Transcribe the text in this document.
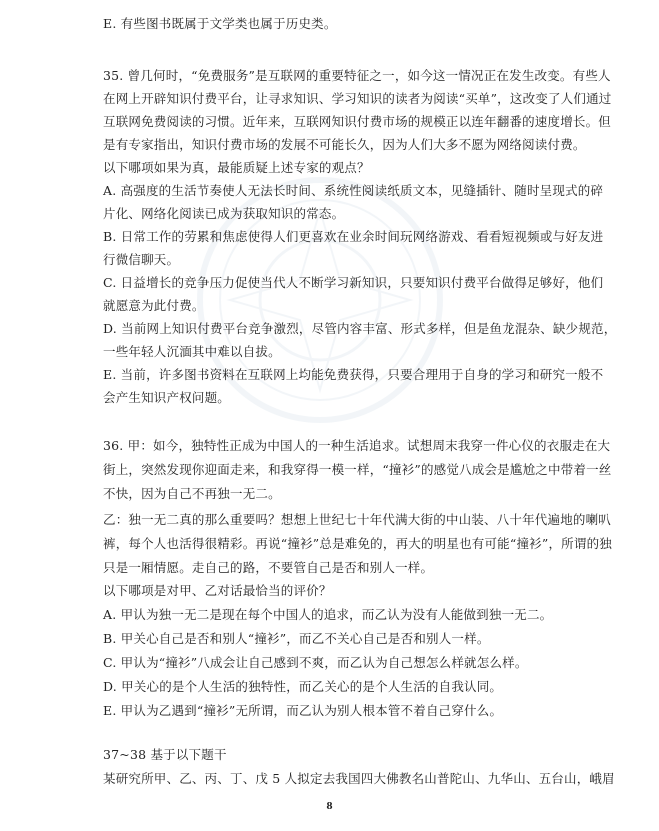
E. 有些图书既属于文学类也属于历史类。
35. 曾几何时，“免费服务”是互联网的重要特征之一，如今这一情况正在发生改变。有些人
在网上开辟知识付费平台，让寻求知识、学习知识的读者为阅读“买单”，这改变了人们通过
互联网免费阅读的习惯。近年来，互联网知识付费市场的规模正以连年翻番的速度增长。但
是有专家指出，知识付费市场的发展不可能长久，因为人们大多不愿为网络阅读付费。
以下哪项如果为真，最能质疑上述专家的观点？
A. 高强度的生活节奏使人无法长时间、系统性阅读纸质文本，见缝插针、随时呈现式的碎
片化、网络化阅读已成为获取知识的常态。
B. 日常工作的劳累和焦虑使得人们更喜欢在业余时间玩网络游戏、看看短视频或与好友进
行微信聊天。
C. 日益增长的竞争压力促使当代人不断学习新知识，只要知识付费平台做得足够好，他们
就愿意为此付费。
D. 当前网上知识付费平台竞争激烈，尽管内容丰富、形式多样，但是鱼龙混杂、缺少规范，
一些年轻人沉湎其中难以自拔。
E. 当前，许多图书资料在互联网上均能免费获得，只要合理用于自身的学习和研究一般不
会产生知识产权问题。
36. 甲：如今，独特性正成为中国人的一种生活追求。试想周末我穿一件心仪的衣服走在大
街上，突然发现你迎面走来，和我穿得一模一样，“撞衫”的感觉八成会是尴尬之中带着一丝
不快，因为自己不再独一无二。
乙：独一无二真的那么重要吗？想想上世纪七十年代满大街的中山装、八十年代遍地的喇叭
裤，每个人也活得很精彩。再说“撞衫”总是难免的，再大的明星也有可能“撞衫”，所谓的独
只是一厢情愿。走自己的路，不要管自己是否和别人一样。
以下哪项是对甲、乙对话最恰当的评价？
A. 甲认为独一无二是现在每个中国人的追求，而乙认为没有人能做到独一无二。
B. 甲关心自己是否和别人“撞衫”，而乙不关心自己是否和别人一样。
C. 甲认为“撞衫”八成会让自己感到不爽，而乙认为自己想怎么样就怎么样。
D. 甲关心的是个人生活的独特性，而乙关心的是个人生活的自我认同。
E. 甲认为乙遇到“撞衫”无所谓，而乙认为别人根本管不着自己穿什么。
37~38 基于以下题干
某研究所甲、乙、丙、丁、戊 5 人拟定去我国四大佛教名山普陀山、九华山、五台山，峨眉
8
